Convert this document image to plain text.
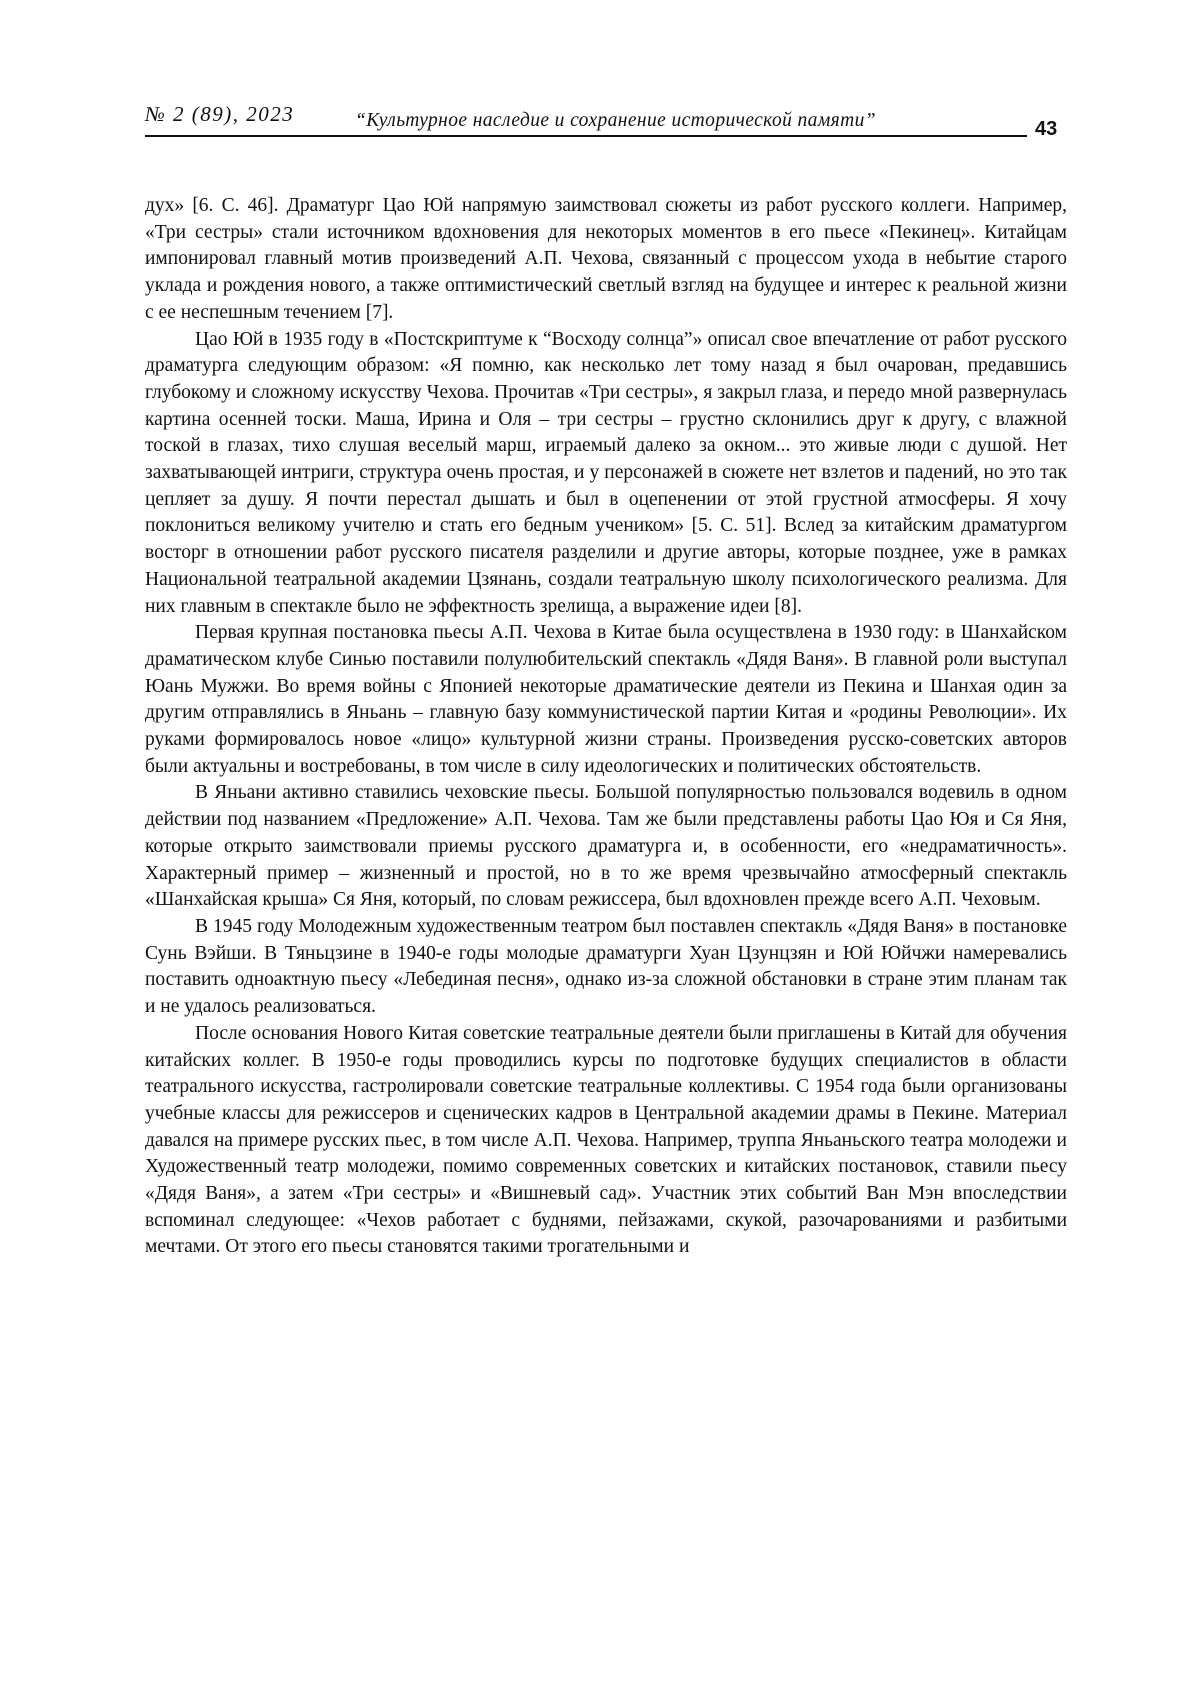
№ 2 (89), 2023	“Культурное наследие и сохранение исторической памяти”	43

дух» [6. С. 46]. Драматург Цао Юй напрямую заимствовал сюжеты из работ русского коллеги. Например, «Три сестры» стали источником вдохновения для некоторых моментов в его пьесе «Пекинец». Китайцам импонировал главный мотив произведений А.П. Чехова, связанный с процессом ухода в небытие старого уклада и рождения нового, а также оптимистический светлый взгляд на будущее и интерес к реальной жизни с ее неспешным течением [7].

Цао Юй в 1935 году в «Постскриптуме к “Восходу солнца”» описал свое впечатление от работ русского драматурга следующим образом: «Я помню, как несколько лет тому назад я был очарован, предавшись глубокому и сложному искусству Чехова. Прочитав «Три сестры», я закрыл глаза, и передо мной развернулась картина осенней тоски. Маша, Ирина и Оля – три сестры – грустно склонились друг к другу, с влажной тоской в глазах, тихо слушая веселый марш, играемый далеко за окном... это живые люди с душой. Нет захватывающей интриги, структура очень простая, и у персонажей в сюжете нет взлетов и падений, но это так цепляет за душу. Я почти перестал дышать и был в оцепенении от этой грустной атмосферы. Я хочу поклониться великому учителю и стать его бедным учеником» [5. С. 51]. Вслед за китайским драматургом восторг в отношении работ русского писателя разделили и другие авторы, которые позднее, уже в рамках Национальной театральной академии Цзянань, создали театральную школу психологического реализма. Для них главным в спектакле было не эффектность зрелища, а выражение идеи [8].

Первая крупная постановка пьесы А.П. Чехова в Китае была осуществлена в 1930 году: в Шанхайском драматическом клубе Синью поставили полулюбительский спектакль «Дядя Ваня». В главной роли выступал Юань Мужжи. Во время войны с Японией некоторые драматические деятели из Пекина и Шанхая один за другим отправлялись в Яньань – главную базу коммунистической партии Китая и «родины Революции». Их руками формировалось новое «лицо» культурной жизни страны. Произведения русско-советских авторов были актуальны и востребованы, в том числе в силу идеологических и политических обстоятельств.

В Яньани активно ставились чеховские пьесы. Большой популярностью пользовался водевиль в одном действии под названием «Предложение» А.П. Чехова. Там же были представлены работы Цао Юя и Ся Яня, которые открыто заимствовали приемы русского драматурга и, в особенности, его «недраматичность». Характерный пример – жизненный и простой, но в то же время чрезвычайно атмосферный спектакль «Шанхайская крыша» Ся Яня, который, по словам режиссера, был вдохновлен прежде всего А.П. Чеховым.

В 1945 году Молодежным художественным театром был поставлен спектакль «Дядя Ваня» в постановке Сунь Вэйши. В Тяньцзине в 1940-е годы молодые драматурги Хуан Цзунцзян и Юй Юйчжи намеревались поставить одноактную пьесу «Лебединая песня», однако из-за сложной обстановки в стране этим планам так и не удалось реализоваться.

После основания Нового Китая советские театральные деятели были приглашены в Китай для обучения китайских коллег. В 1950-е годы проводились курсы по подготовке будущих специалистов в области театрального искусства, гастролировали советские театральные коллективы. С 1954 года были организованы учебные классы для режиссеров и сценических кадров в Центральной академии драмы в Пекине. Материал давался на примере русских пьес, в том числе А.П. Чехова. Например, труппа Яньаньского театра молодежи и Художественный театр молодежи, помимо современных советских и китайских постановок, ставили пьесу «Дядя Ваня», а затем «Три сестры» и «Вишневый сад». Участник этих событий Ван Мэн впоследствии вспоминал следующее: «Чехов работает с буднями, пейзажами, скукой, разочарованиями и разбитыми мечтами. От этого его пьесы становятся такими трогательными и
